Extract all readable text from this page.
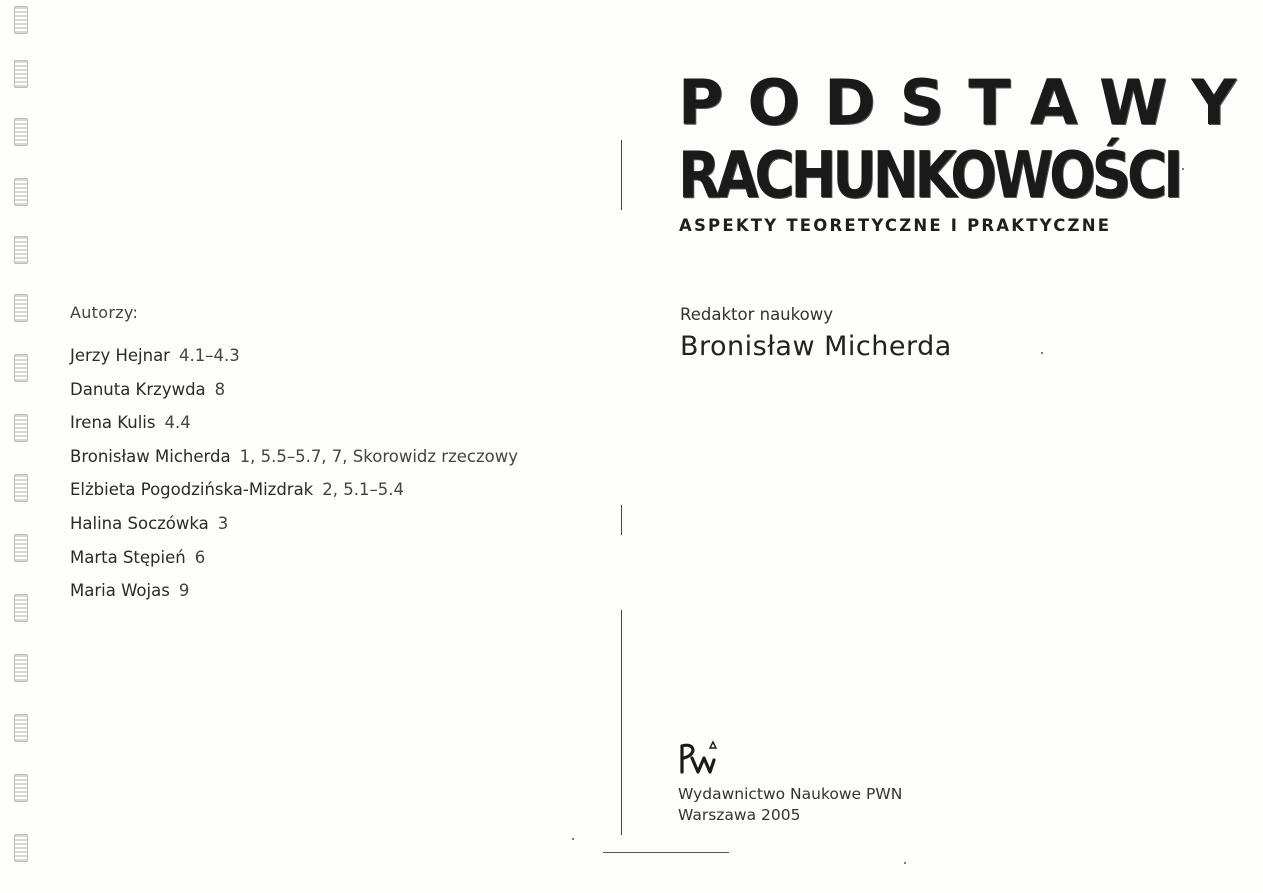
Autorzy:
Jerzy Hejnar 4.1–4.3
Danuta Krzywda 8
Irena Kulis 4.4
Bronisław Micherda 1, 5.5–5.7, 7, Skorowidz rzeczowy
Elżbieta Pogodzińska-Mizdrak 2, 5.1–5.4
Halina Soczówka 3
Marta Stępień 6
Maria Wojas 9
PODSTAWY
RACHUNKOWOŚCI
ASPEKTY TEORETYCZNE I PRAKTYCZNE
Redaktor naukowy
Bronisław Micherda
Wydawnictwo Naukowe PWN
Warszawa 2005
